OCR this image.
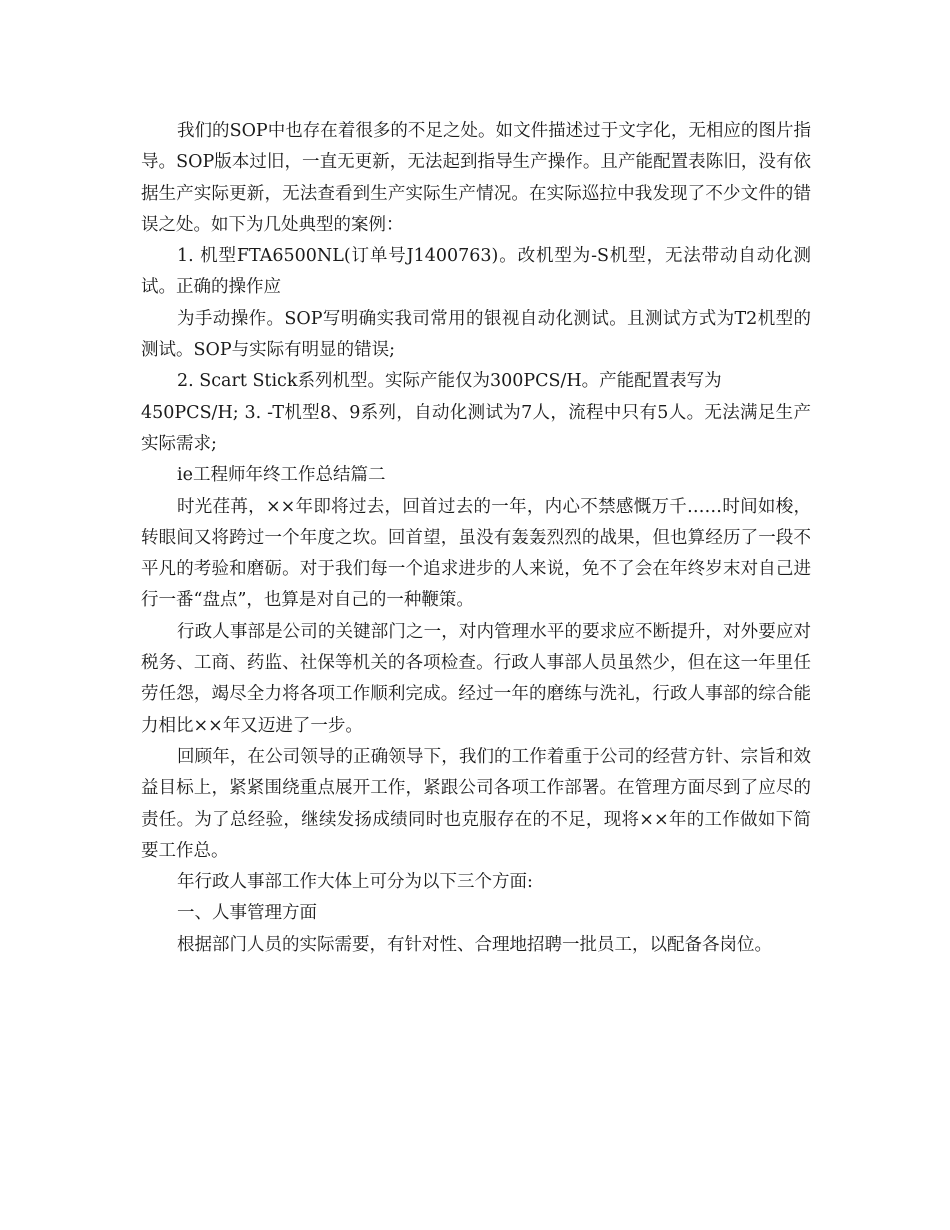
我们的SOP中也存在着很多的不足之处。如文件描述过于文字化，无相应的图片指导。SOP版本过旧，一直无更新，无法起到指导生产操作。且产能配置表陈旧，没有依据生产实际更新，无法查看到生产实际生产情况。在实际巡拉中我发现了不少文件的错误之处。如下为几处典型的案例：

1. 机型FTA6500NL(订单号J1400763)。改机型为-S机型，无法带动自动化测试。正确的操作应

为手动操作。SOP写明确实我司常用的银视自动化测试。且测试方式为T2机型的测试。SOP与实际有明显的错误;

2. Scart Stick系列机型。实际产能仅为300PCS/H。产能配置表写为

450PCS/H; 3. -T机型8、9系列，自动化测试为7人，流程中只有5人。无法满足生产实际需求;

ie工程师年终工作总结篇二

时光荏苒，××年即将过去，回首过去的一年，内心不禁感慨万千……时间如梭，转眼间又将跨过一个年度之坎。回首望，虽没有轰轰烈烈的战果，但也算经历了一段不平凡的考验和磨砺。对于我们每一个追求进步的人来说，免不了会在年终岁末对自己进行一番“盘点”，也算是对自己的一种鞭策。

行政人事部是公司的关键部门之一，对内管理水平的要求应不断提升，对外要应对税务、工商、药监、社保等机关的各项检查。行政人事部人员虽然少，但在这一年里任劳任怨，竭尽全力将各项工作顺利完成。经过一年的磨练与洗礼，行政人事部的综合能力相比××年又迈进了一步。

回顾年，在公司领导的正确领导下，我们的工作着重于公司的经营方针、宗旨和效益目标上，紧紧围绕重点展开工作，紧跟公司各项工作部署。在管理方面尽到了应尽的责任。为了总经验，继续发扬成绩同时也克服存在的不足，现将××年的工作做如下简要工作总。

年行政人事部工作大体上可分为以下三个方面:

一、人事管理方面

根据部门人员的实际需要，有针对性、合理地招聘一批员工，以配备各岗位。
